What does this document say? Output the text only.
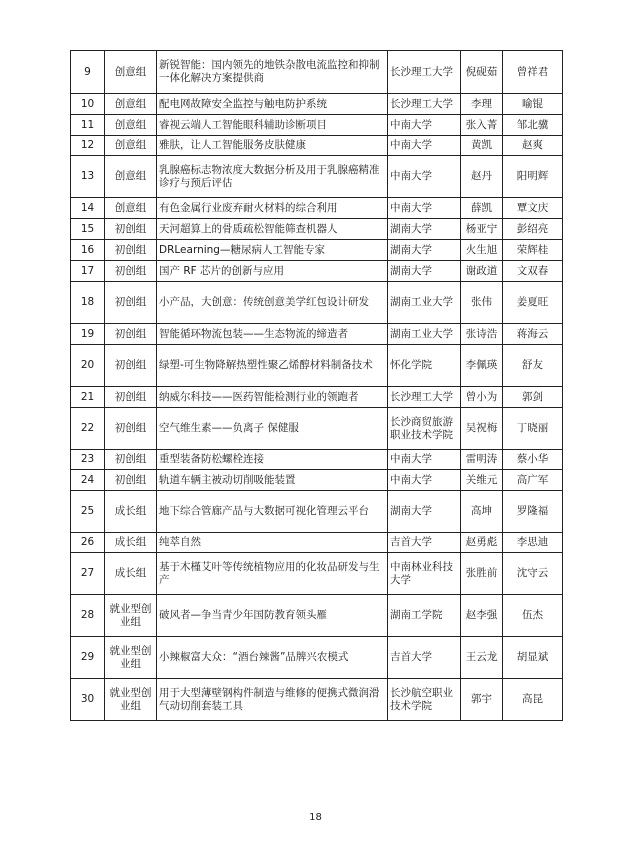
9	创意组	新锐智能：国内领先的地铁杂散电流监控和抑制一体化解决方案提供商	长沙理工大学	倪砚茹	曾祥君
10	创意组	配电网故障安全监控与触电防护系统	长沙理工大学	李理	喻锟
11	创意组	睿视云端人工智能眼科辅助诊断项目	中南大学	张入菁	邹北骥
12	创意组	雅肤，让人工智能服务皮肤健康	中南大学	黄凯	赵爽
13	创意组	乳腺癌标志物浓度大数据分析及用于乳腺癌精准诊疗与预后评估	中南大学	赵丹	阳明辉
14	创意组	有色金属行业废弃耐火材料的综合利用	中南大学	薛凯	覃文庆
15	初创组	天河超算上的骨质疏松智能筛查机器人	湖南大学	杨亚宁	彭绍亮
16	初创组	DRLearning—糖尿病人工智能专家	湖南大学	火生旭	荣辉桂
17	初创组	国产 RF 芯片的创新与应用	湖南大学	谢政道	文双春
18	初创组	小产品，大创意：传统创意美学红包设计研发	湖南工业大学	张伟	姜夏旺
19	初创组	智能循环物流包装——生态物流的缔造者	湖南工业大学	张诗浩	蒋海云
20	初创组	绿塑-可生物降解热塑性聚乙烯醇材料制备技术	怀化学院	李佩瑛	舒友
21	初创组	纳威尔科技——医药智能检测行业的领跑者	长沙理工大学	曾小为	郭剑
22	初创组	空气维生素——负离子 保健服	长沙商贸旅游职业技术学院	吴祝梅	丁晓丽
23	初创组	重型装备防松螺栓连接	中南大学	雷明涛	蔡小华
24	初创组	轨道车辆主被动切削吸能装置	中南大学	关维元	高广军
25	成长组	地下综合管廊产品与大数据可视化管理云平台	湖南大学	高坤	罗隆福
26	成长组	纯萃自然	吉首大学	赵勇彪	李思迪
27	成长组	基于木槿艾叶等传统植物应用的化妆品研发与生产	中南林业科技大学	张胜前	沈守云
28	就业型创业组	破风者—争当青少年国防教育领头雁	湖南工学院	赵李强	伍杰
29	就业型创业组	小辣椒富大众：“酒台辣酱”品牌兴农模式	吉首大学	王云龙	胡显斌
30	就业型创业组	用于大型薄壁钢构件制造与维修的便携式微润滑气动切削套装工具	长沙航空职业技术学院	郭宇	高昆
18
